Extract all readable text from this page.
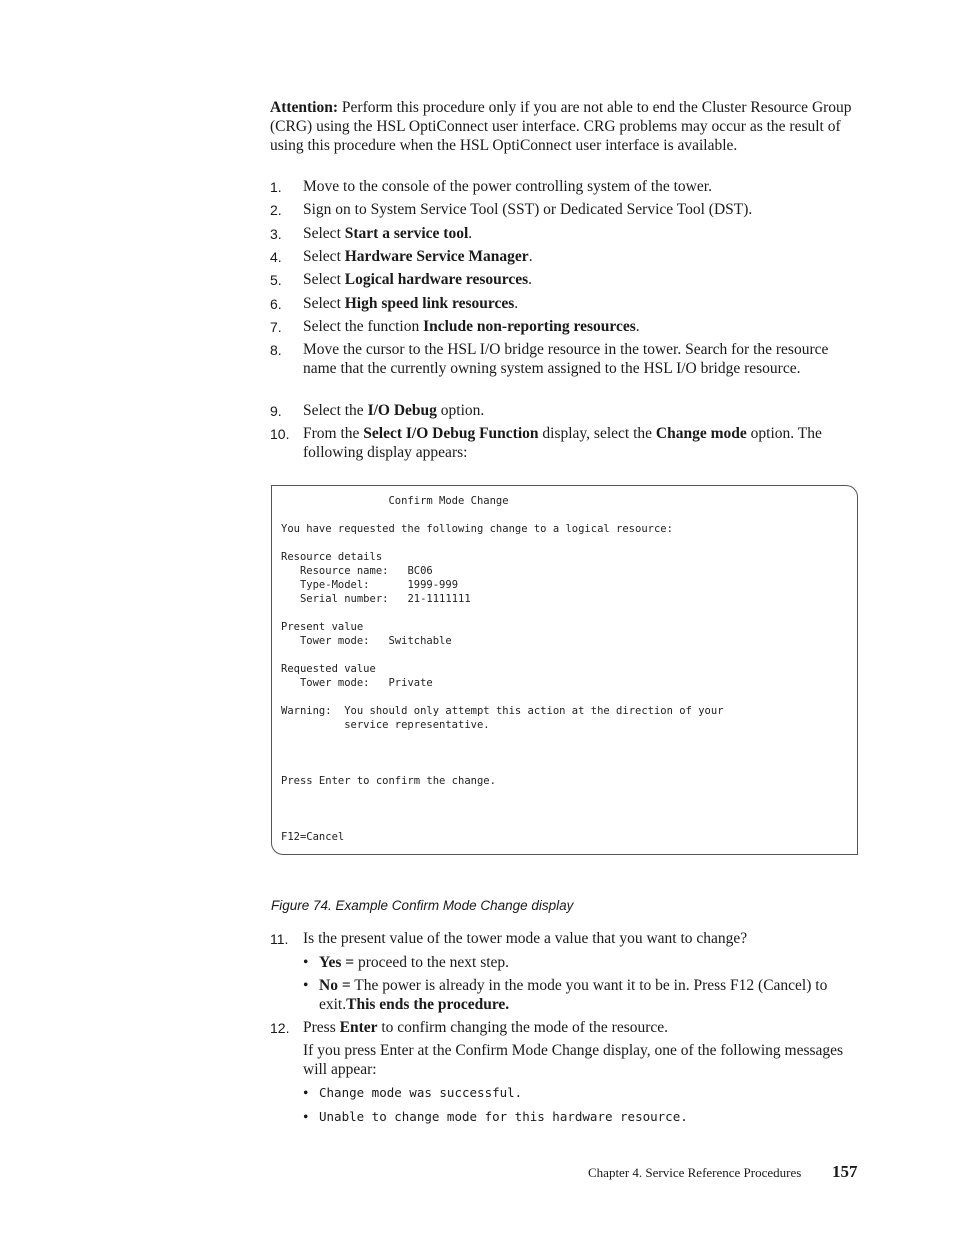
Attention: Perform this procedure only if you are not able to end the Cluster Resource Group (CRG) using the HSL OptiConnect user interface. CRG problems may occur as the result of using this procedure when the HSL OptiConnect user interface is available.
1. Move to the console of the power controlling system of the tower.
2. Sign on to System Service Tool (SST) or Dedicated Service Tool (DST).
3. Select Start a service tool.
4. Select Hardware Service Manager.
5. Select Logical hardware resources.
6. Select High speed link resources.
7. Select the function Include non-reporting resources.
8. Move the cursor to the HSL I/O bridge resource in the tower. Search for the resource name that the currently owning system assigned to the HSL I/O bridge resource.
9. Select the I/O Debug option.
10. From the Select I/O Debug Function display, select the Change mode option. The following display appears:
Confirm Mode Change

You have requested the following change to a logical resource:

Resource details
Resource name: BC06
Type-Model:	1999-999
Serial number: 21-1111111

Present value
Tower mode: Switchable

Requested value
Tower mode: Private

Warning: You should only attempt this action at the direction of your
service representative.

Press Enter to confirm the change.

F12=Cancel
Figure 74. Example Confirm Mode Change display
11. Is the present value of the tower mode a value that you want to change?
• Yes = proceed to the next step.
• No = The power is already in the mode you want it to be in. Press F12 (Cancel) to exit.This ends the procedure.
12. Press Enter to confirm changing the mode of the resource.
If you press Enter at the Confirm Mode Change display, one of the following messages will appear:
• Change mode was successful.
• Unable to change mode for this hardware resource.
Chapter 4. Service Reference Procedures 157
